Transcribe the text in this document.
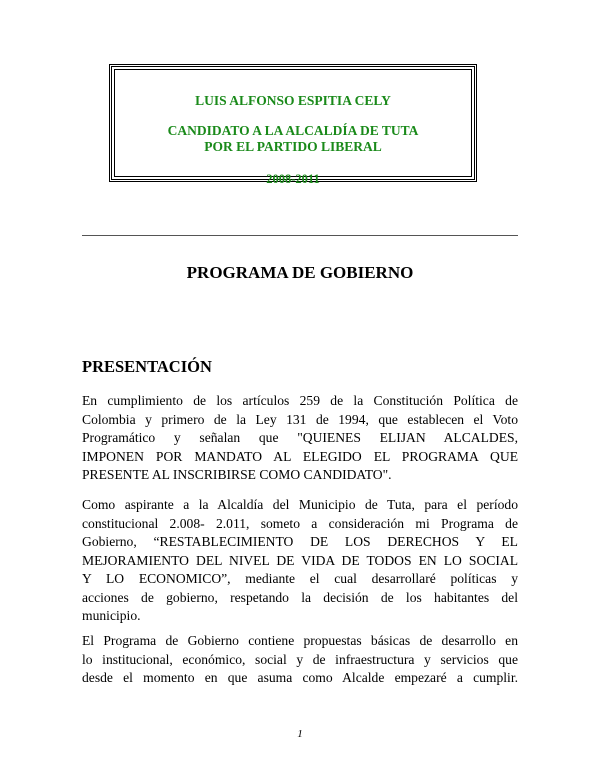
LUIS ALFONSO ESPITIA CELY
CANDIDATO A LA ALCALDÍA DE TUTA
POR EL PARTIDO LIBERAL
2008-2011
PROGRAMA DE GOBIERNO
PRESENTACIÓN
En cumplimiento de los artículos 259 de la Constitución Política de
Colombia y primero de la Ley 131 de 1994, que establecen el Voto
Programático y señalan que "QUIENES ELIJAN ALCALDES,
IMPONEN POR MANDATO AL ELEGIDO EL PROGRAMA QUE
PRESENTE AL INSCRIBIRSE COMO CANDIDATO".
Como aspirante a la Alcaldía del Municipio de Tuta, para el período
constitucional 2.008- 2.011, someto a consideración mi Programa de
Gobierno, “RESTABLECIMIENTO DE LOS DERECHOS Y EL
MEJORAMIENTO DEL NIVEL DE VIDA DE TODOS EN LO SOCIAL
Y LO ECONOMICO”, mediante el cual desarrollaré políticas y
acciones de gobierno, respetando la decisión de los habitantes del
municipio.
El Programa de Gobierno contiene propuestas básicas de desarrollo en
lo institucional, económico, social y de infraestructura y servicios que
desde el momento en que asuma como Alcalde empezaré a cumplir.
1
